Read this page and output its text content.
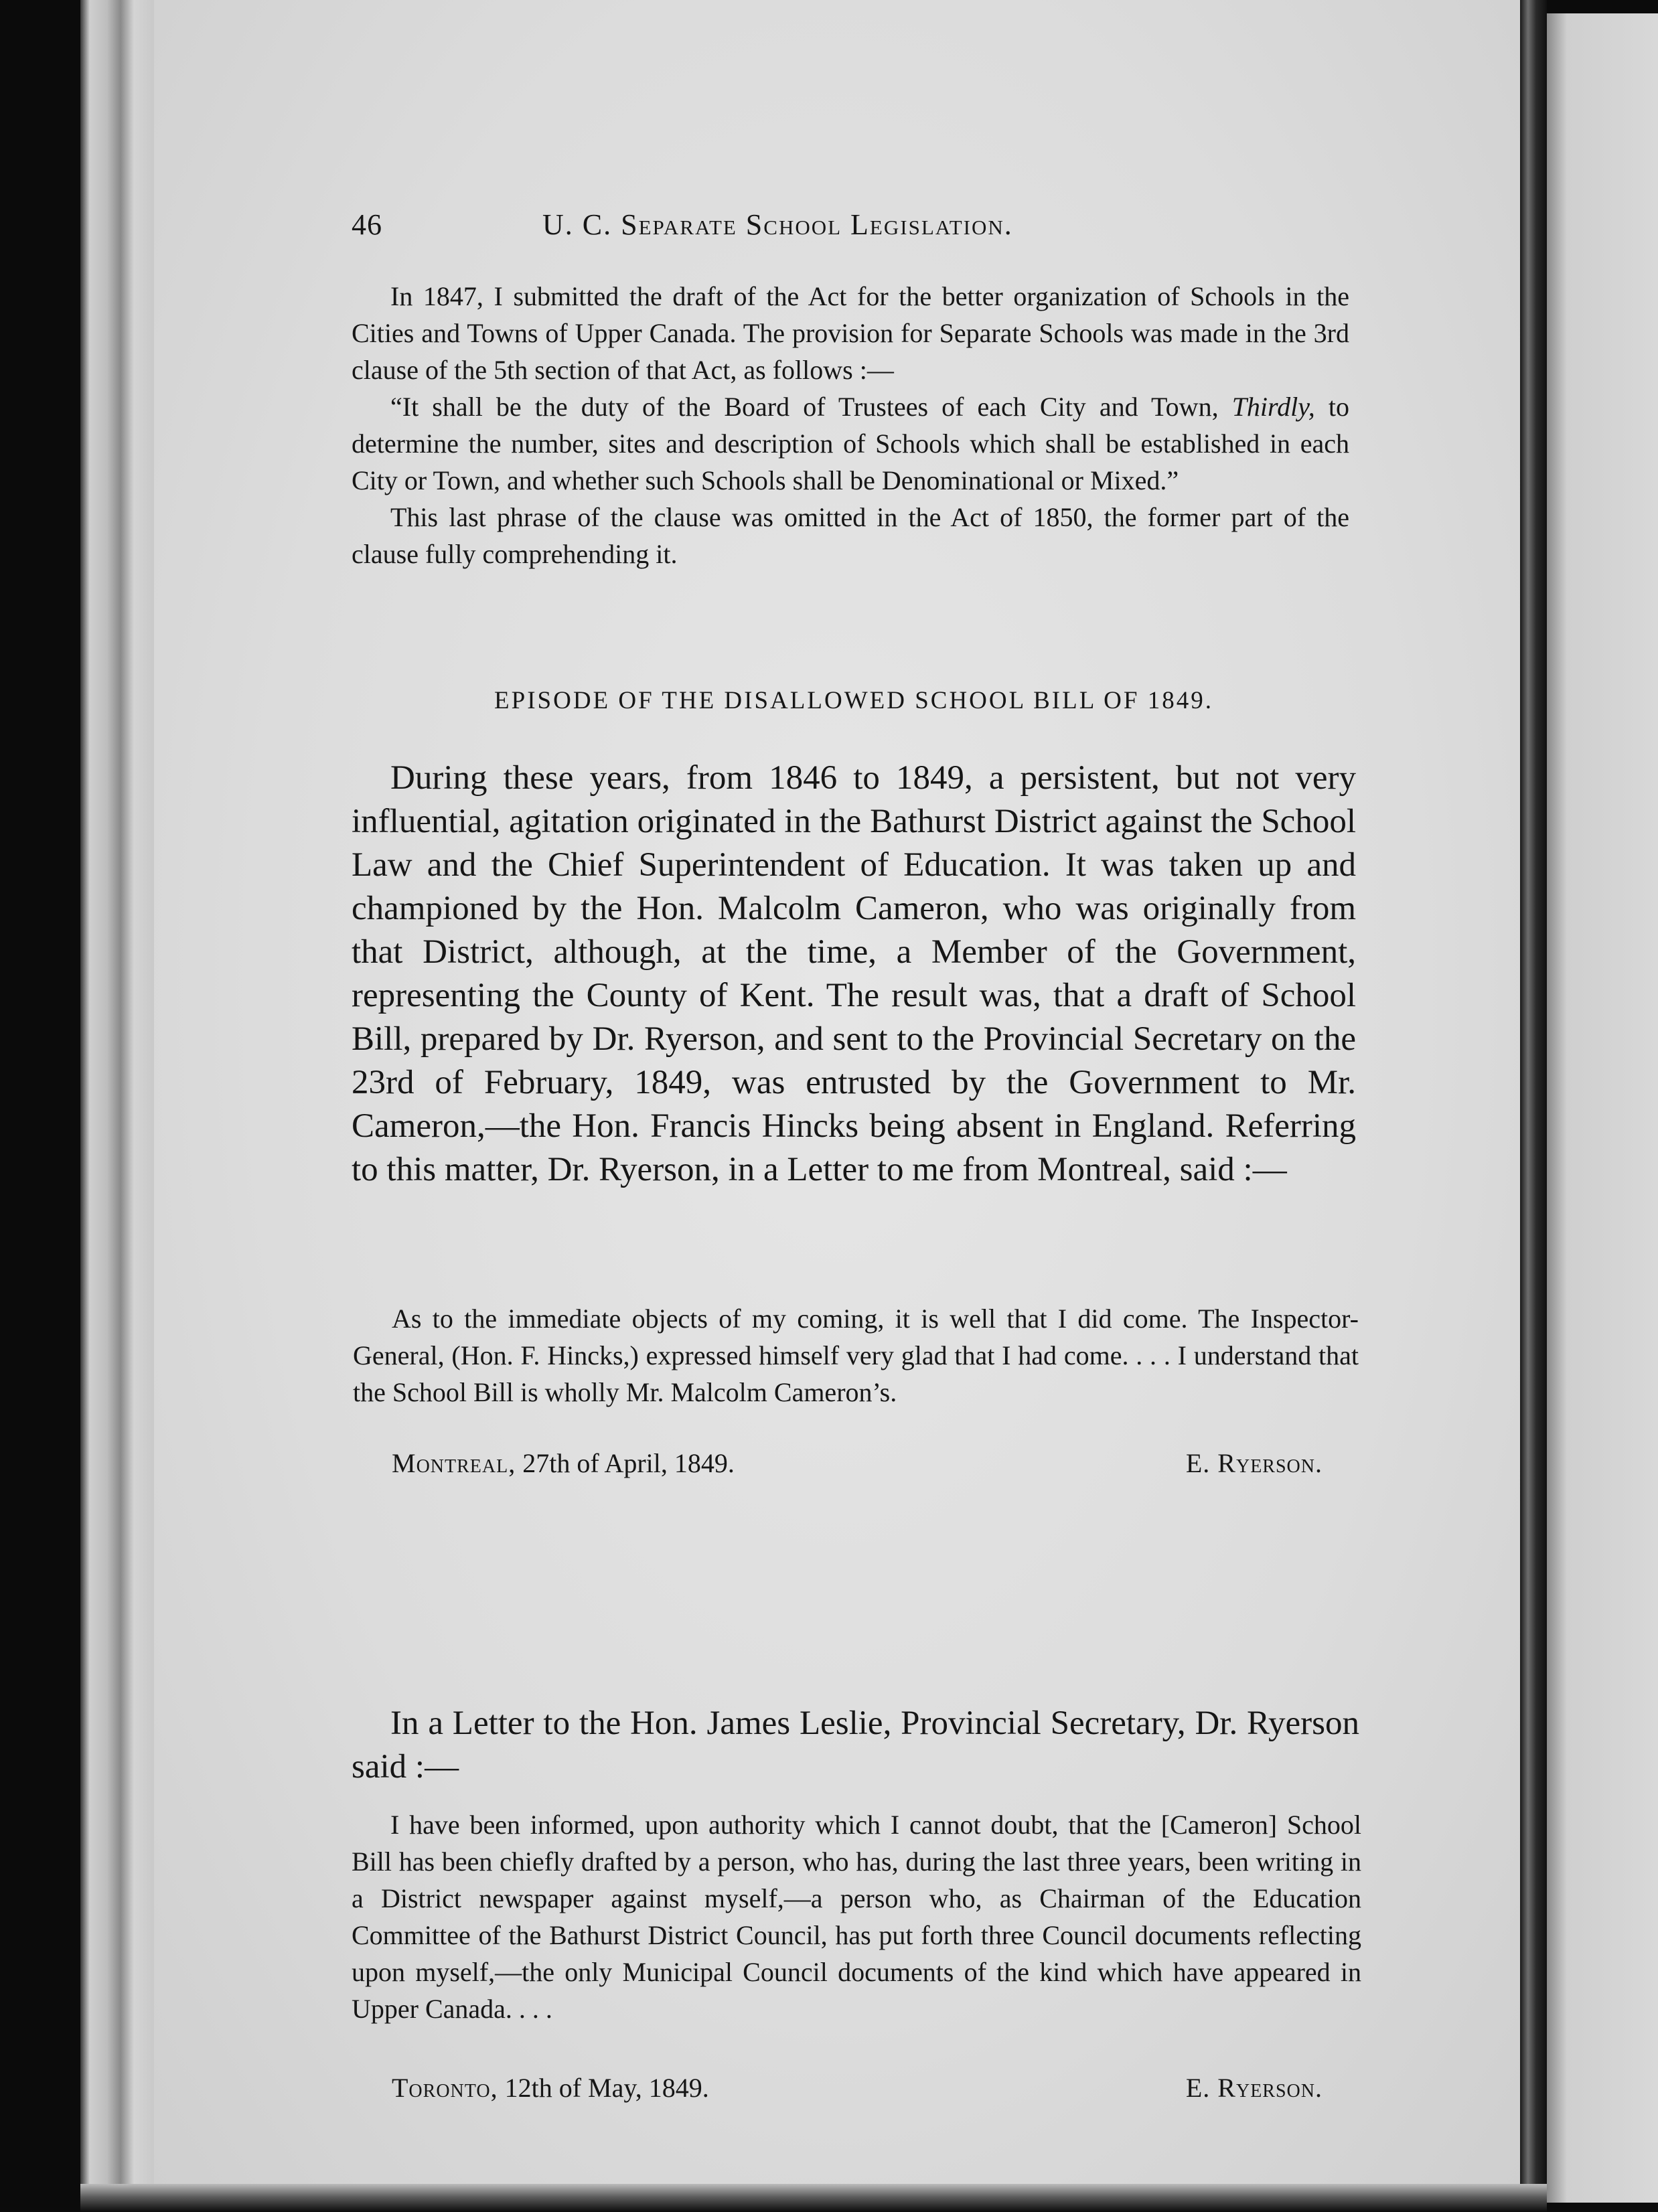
46	U. C. Separate School Legislation.

In 1847, I submitted the draft of the Act for the better organization of Schools in the Cities and Towns of Upper Canada. The provision for Separate Schools was made in the 3rd clause of the 5th section of that Act, as follows :—

“It shall be the duty of the Board of Trustees of each City and Town, Thirdly, to determine the number, sites and description of Schools which shall be established in each City or Town, and whether such Schools shall be Denominational or Mixed.”

This last phrase of the clause was omitted in the Act of 1850, the former part of the clause fully comprehending it.

EPISODE OF THE DISALLOWED SCHOOL BILL OF 1849.

During these years, from 1846 to 1849, a persistent, but not very influential, agitation originated in the Bathurst District against the School Law and the Chief Superintendent of Education. It was taken up and championed by the Hon. Malcolm Cameron, who was originally from that District, although, at the time, a Member of the Government, representing the County of Kent. The result was, that a draft of School Bill, prepared by Dr. Ryerson, and sent to the Provincial Secretary on the 23rd of February, 1849, was entrusted by the Government to Mr. Cameron,—the Hon. Francis Hincks being absent in England. Referring to this matter, Dr. Ryerson, in a Letter to me from Montreal, said :—

As to the immediate objects of my coming, it is well that I did come. The Inspector-General, (Hon. F. Hincks,) expressed himself very glad that I had come. . . . I understand that the School Bill is wholly Mr. Malcolm Cameron’s.

Montreal, 27th of April, 1849.	E. Ryerson.

In a Letter to the Hon. James Leslie, Provincial Secretary, Dr. Ryerson said :—

I have been informed, upon authority which I cannot doubt, that the [Cameron] School Bill has been chiefly drafted by a person, who has, during the last three years, been writing in a District newspaper against myself,—a person who, as Chairman of the Education Committee of the Bathurst District Council, has put forth three Council documents reflecting upon myself,—the only Municipal Council documents of the kind which have appeared in Upper Canada. . . .

Toronto, 12th of May, 1849.	E. Ryerson.
